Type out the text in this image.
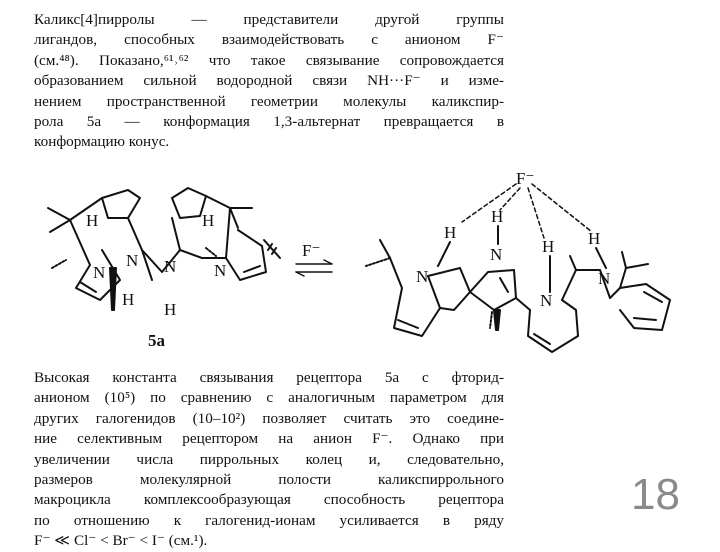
Каликс[4]пирролы — представители другой группы
лигандов, способных взаимодействовать с анионом F⁻
(см.⁴⁸). Показано,⁶¹˒⁶² что такое связывание сопровождается
образованием сильной водородной связи NH···F⁻ и изме-
нением пространственной геометрии молекулы каликспир-
рола 5а — конформация 1,3-альтернат превращается в
конформацию конус.
H	H
N
N N N
H
H
5a
F⁻
F⁻
H
H
H H
N
N
N
N
Высокая константа связывания рецептора 5а с фторид-
анионом (10⁵) по сравнению с аналогичным параметром для
других галогенидов (10–10²) позволяет считать это соедине-
ние селективным рецептором на анион F⁻. Однако при
увеличении числа пиррольных колец и, следовательно,
размеров молекулярной полости каликспиррольного
макроцикла комплексообразующая способность рецептора
по отношению к галогенид-ионам усиливается в ряду
F⁻ ≪ Cl⁻ < Br⁻ < I⁻ (см.¹).
18
